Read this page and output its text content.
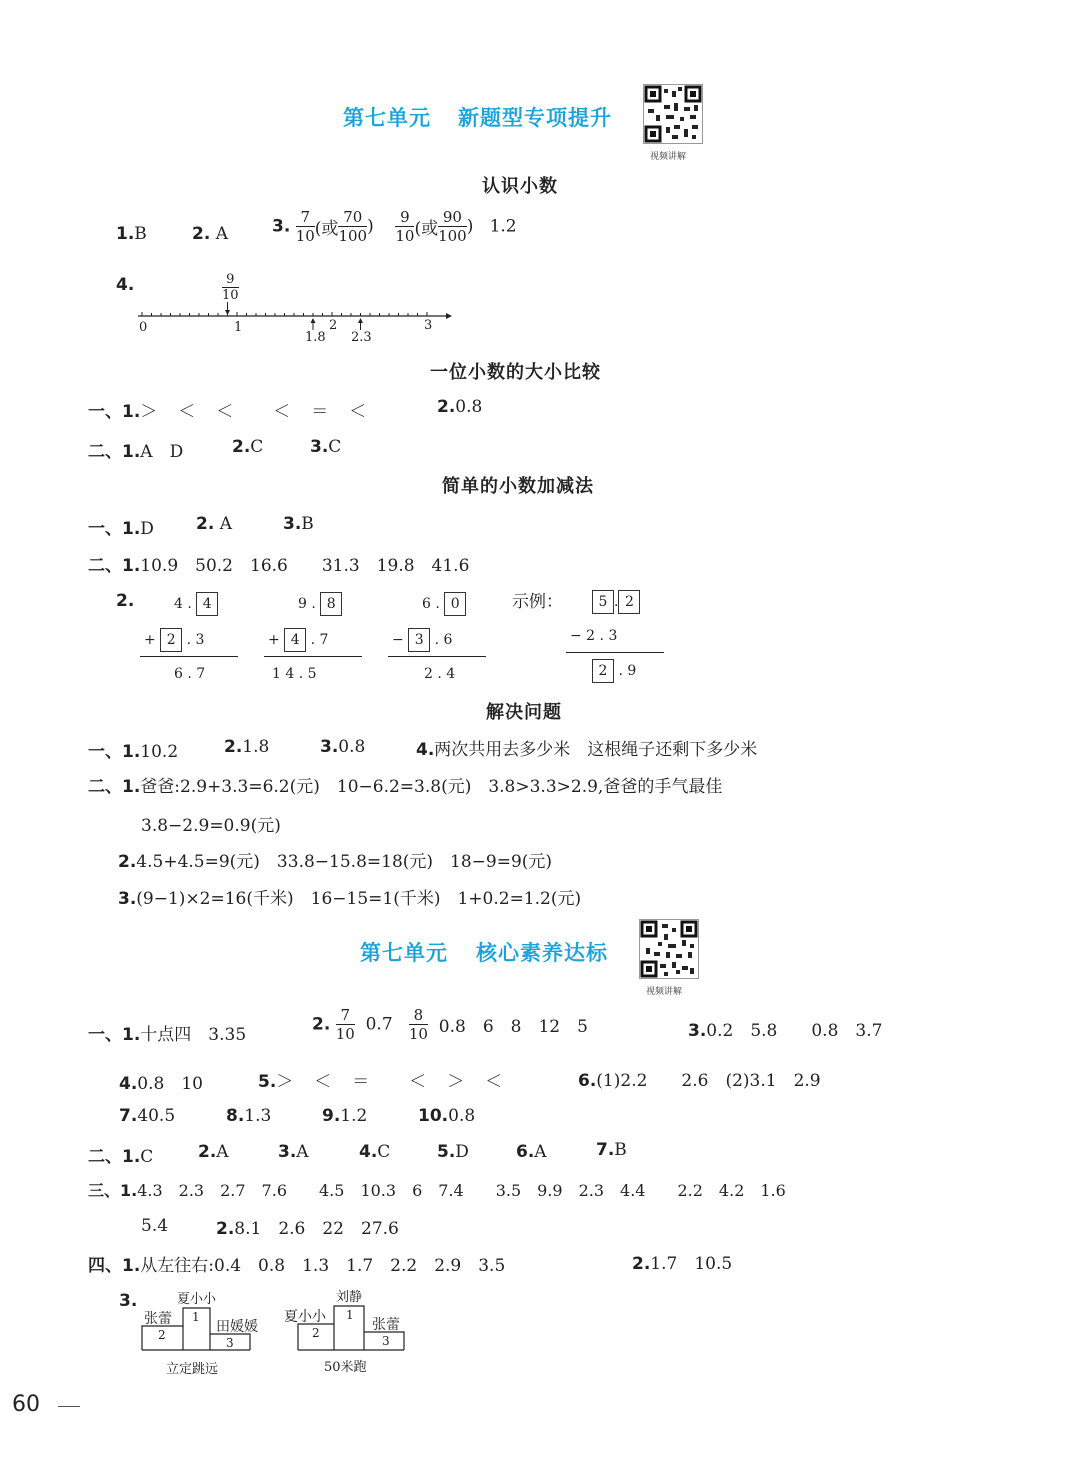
第七单元 新题型专项提升
视频讲解
认识小数
1.B	2. A	3. $\frac{7}{10}$ (或 $\frac{70}{100}$ ) $\frac{9}{10}$ (或 $\frac{90}{100}$ ) 1.2
4.	$\frac{9}{10}$
0	1	2	3
1.8 2.3
一位小数的大小比较
一、1.＞　＜　＜　　＜　＝　＜	2.0.8
二、1.A　D	2.C	3.C
简单的小数加减法
一、1.D 2. A	3.B
二、1.10.9　50.2　16.6　　31.3　19.8　41.6
2.	4 . 4
+ 2 . 3
6 . 7
9 . 8
+ 4 . 7
1 4 . 5
6 . 0
− 3 . 6
2 . 4
示例：	5 . 2
− 2 . 3
2 . 9
解决问题
一、1.10.2	2.1.8	3.0.8	4.两次共用去多少米　这根绳子还剩下多少米
二、1.爸爸:2.9+3.3=6.2(元)　10−6.2=3.8(元)　3.8>3.3>2.9,爸爸的手气最佳
3.8−2.9=0.9(元)
2.4.5+4.5=9(元)　33.8−15.8=18(元)　18−9=9(元)
3.(9−1)×2=16(千米)　16−15=1(千米)　1+0.2=1.2(元)
第七单元 核心素养达标
视频讲解
一、1.十点四　3.35
2. $\frac{7}{10} 0.7 \frac{8}{10} 0.8$　6　8　12　5	3.0.2　5.8　　0.8　3.7
4.0.8　10	5.＞　＜　＝　　＜　＞　＜	6.(1)2.2　　2.6　(2)3.1　2.9
7.40.5	8.1.3	9.1.2	10.0.8
二、1.C	2.A	3.A	4.C	5.D	6.A	7.B
三、1.4.3　2.3　2.7　7.6　　4.5　10.3　6　7.4　　3.5　9.9　2.3　4.4　　2.2　4.2　1.6
5.4	2.8.1　2.6　22　27.6
四、1.从左往右:0.4　0.8　1.3　1.7　2.2　2.9　3.5	2.1.7　10.5
3.	夏小小
张蕾 1
田媛媛
2
3
立定跳远
刘静
夏小小 1
张蕾
2
3
50米跑
60
